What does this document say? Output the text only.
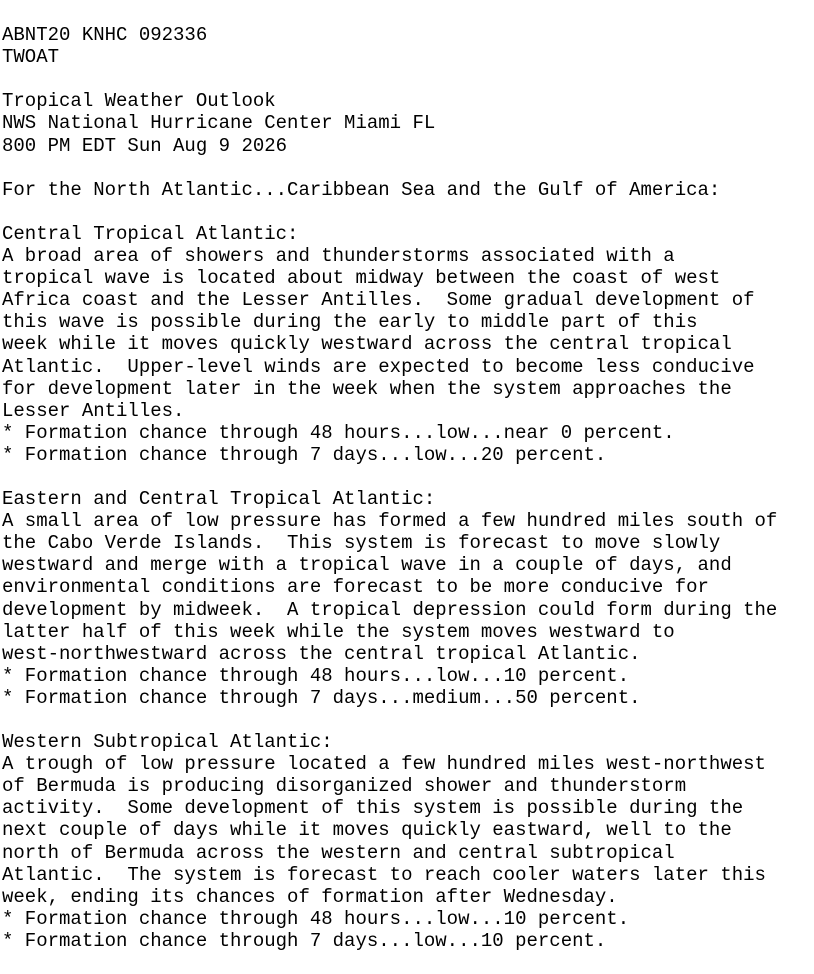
ABNT20 KNHC 092336
TWOAT

Tropical Weather Outlook
NWS National Hurricane Center Miami FL
800 PM EDT Sun Aug 9 2026

For the North Atlantic...Caribbean Sea and the Gulf of America:

Central Tropical Atlantic:
A broad area of showers and thunderstorms associated with a
tropical wave is located about midway between the coast of west
Africa coast and the Lesser Antilles.  Some gradual development of
this wave is possible during the early to middle part of this
week while it moves quickly westward across the central tropical
Atlantic.  Upper-level winds are expected to become less conducive
for development later in the week when the system approaches the
Lesser Antilles.
* Formation chance through 48 hours...low...near 0 percent.
* Formation chance through 7 days...low...20 percent.

Eastern and Central Tropical Atlantic:
A small area of low pressure has formed a few hundred miles south of
the Cabo Verde Islands.  This system is forecast to move slowly
westward and merge with a tropical wave in a couple of days, and
environmental conditions are forecast to be more conducive for
development by midweek.  A tropical depression could form during the
latter half of this week while the system moves westward to
west-northwestward across the central tropical Atlantic.
* Formation chance through 48 hours...low...10 percent.
* Formation chance through 7 days...medium...50 percent.

Western Subtropical Atlantic:
A trough of low pressure located a few hundred miles west-northwest
of Bermuda is producing disorganized shower and thunderstorm
activity.  Some development of this system is possible during the
next couple of days while it moves quickly eastward, well to the
north of Bermuda across the western and central subtropical
Atlantic.  The system is forecast to reach cooler waters later this
week, ending its chances of formation after Wednesday.
* Formation chance through 48 hours...low...10 percent.
* Formation chance through 7 days...low...10 percent.
